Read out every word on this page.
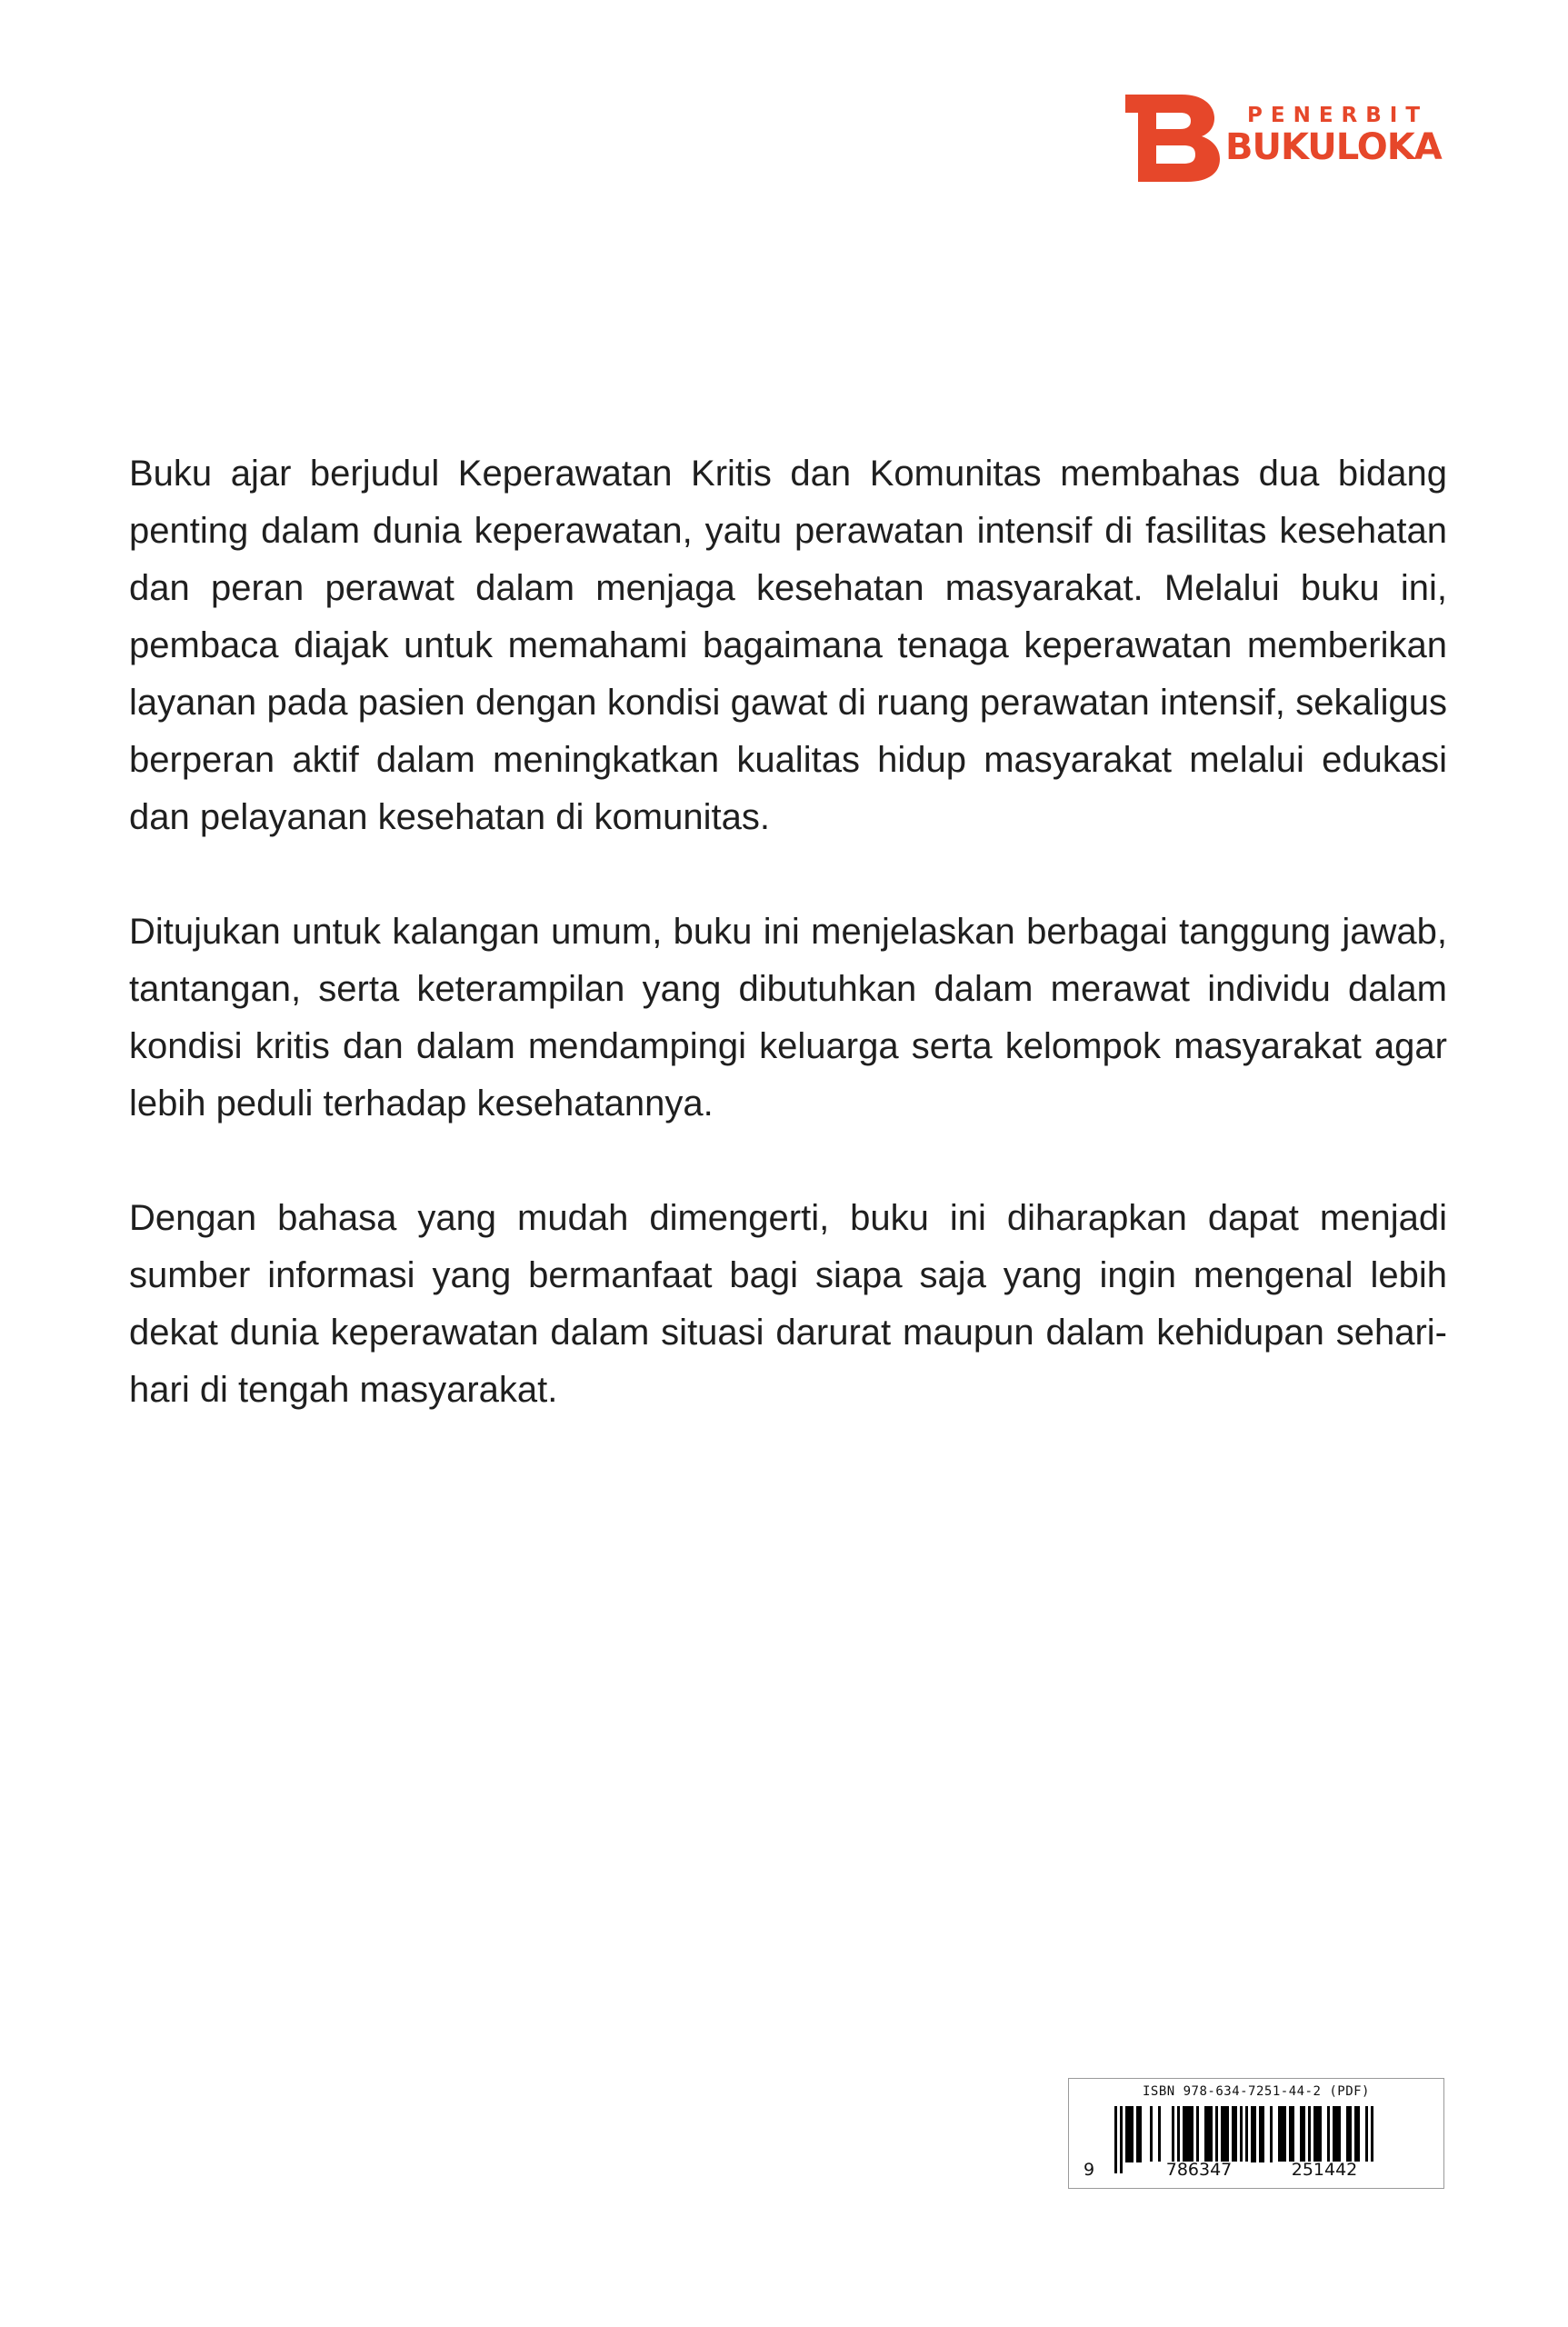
PENERBIT
BUKULOKA

Buku ajar berjudul Keperawatan Kritis dan Komunitas membahas dua bidang penting dalam dunia keperawatan, yaitu perawatan intensif di fasilitas kesehatan dan peran perawat dalam menjaga kesehatan masyarakat. Melalui buku ini, pembaca diajak untuk memahami bagaimana tenaga keperawatan memberikan layanan pada pasien dengan kondisi gawat di ruang perawatan intensif, sekaligus berperan aktif dalam meningkatkan kualitas hidup masyarakat melalui edukasi dan pelayanan kesehatan di komunitas.

Ditujukan untuk kalangan umum, buku ini menjelaskan berbagai tanggung jawab, tantangan, serta keterampilan yang dibutuhkan dalam merawat individu dalam kondisi kritis dan dalam mendampingi keluarga serta kelompok masyarakat agar lebih peduli terhadap kesehatannya.

Dengan bahasa yang mudah dimengerti, buku ini diharapkan dapat menjadi sumber informasi yang bermanfaat bagi siapa saja yang ingin mengenal lebih dekat dunia keperawatan dalam situasi darurat maupun dalam kehidupan sehari-hari di tengah masyarakat.

ISBN 978-634-7251-44-2 (PDF)
9	786347	251442
